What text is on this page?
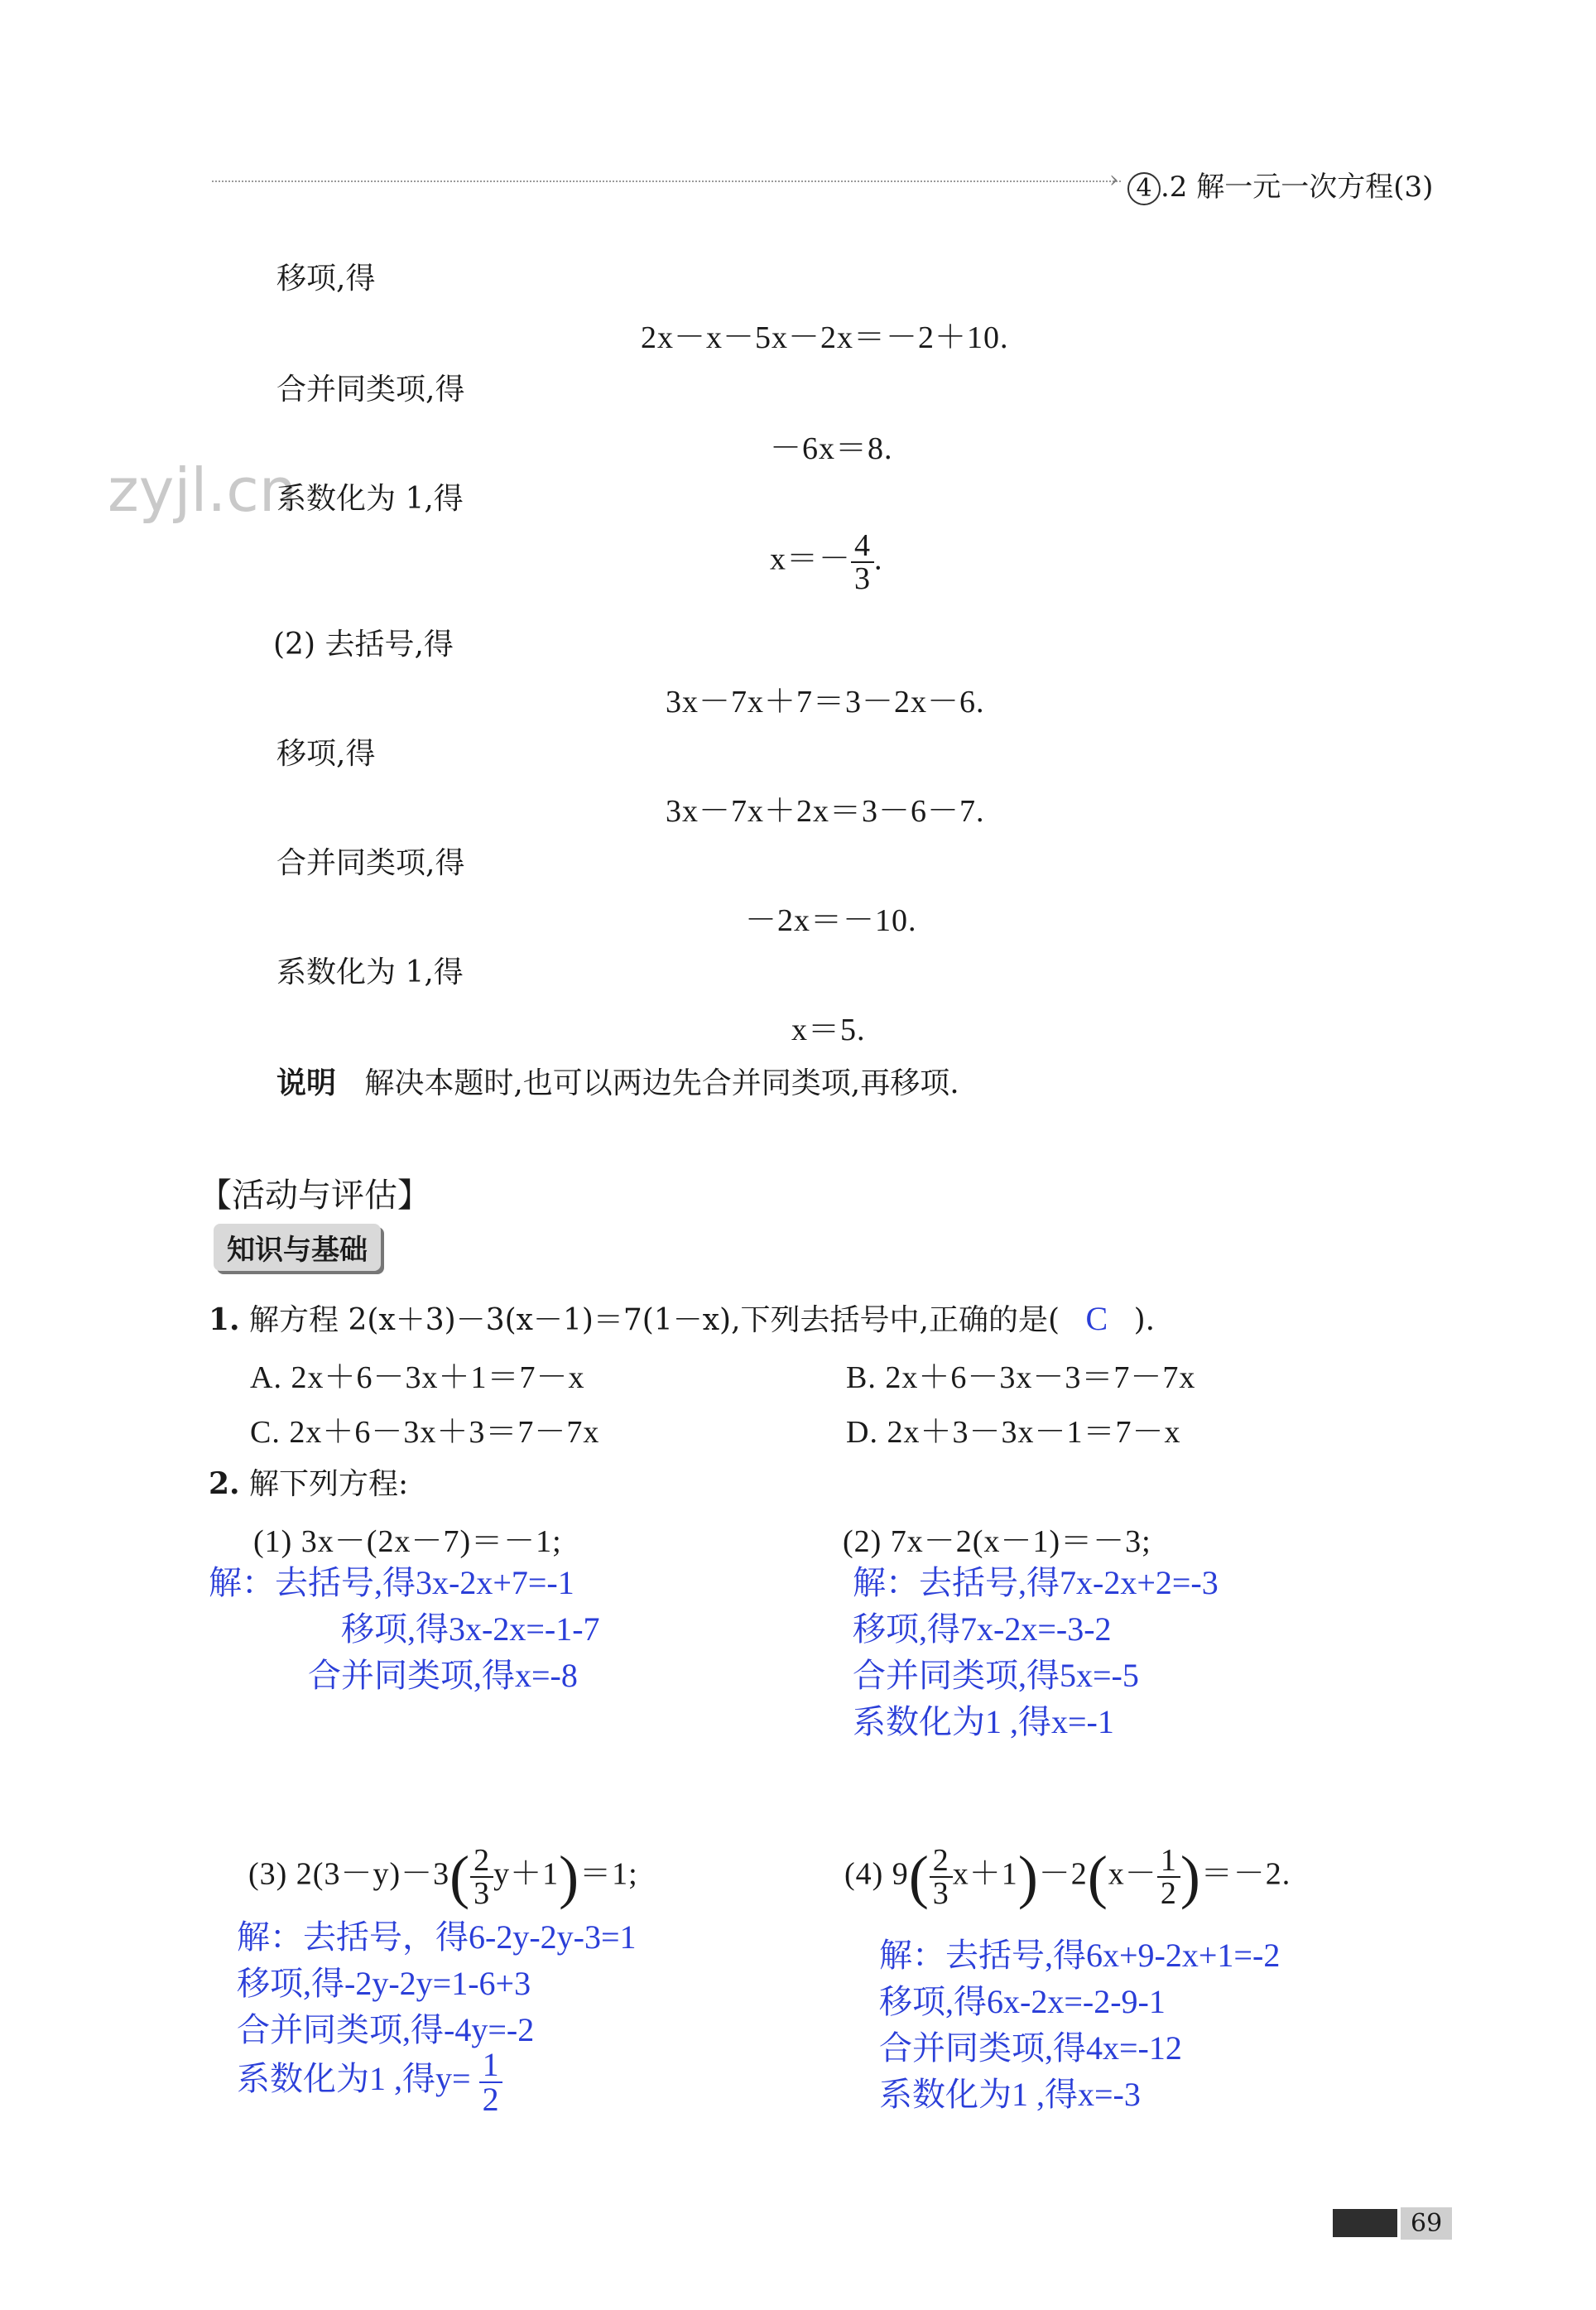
› 4 .2 解一元一次方程(3)
zyjl.cn
移项,得
2x－x－5x－2x＝－2＋10.
合并同类项,得
－6x＝8.
系数化为 1,得
$x=- \frac{4}{3}$ .
(2) 去括号,得
3x－7x＋7＝3－2x－6.
移项,得
3x－7x＋2x＝3－6－7.
合并同类项,得
－2x＝－10.
系数化为 1,得
x＝5.
说明 解决本题时,也可以两边先合并同类项,再移项.
【活动与评估】
知识与基础
1. 解方程 2(x＋3)－3(x－1)＝7(1－x),下列去括号中,正确的是( C ).
A. 2x＋6－3x＋1＝7－x	B. 2x＋6－3x－3＝7－7x
C. 2x＋6－3x＋3＝7－7x	D. 2x＋3－3x－1＝7－x
2. 解下列方程:
(1) 3x－(2x－7)＝－1;
解：去括号,得3x-2x+7=-1
移项,得3x-2x=-1-7
合并同类项,得x=-8
(2) 7x－2(x－1)＝－3;
解：去括号,得7x-2x+2=-3
移项,得7x-2x=-3-2
合并同类项,得5x=-5
系数化为1 ,得x=-1
(3) $2(3-y)-3( \frac{2}{3} y+1)=1$;
解：去括号，得6-2y-2y-3=1
移项,得-2y-2y=1-6+3
合并同类项,得-4y=-2
系数化为1 ,得$y= \frac{1}{2}$
(4) $9( \frac{2}{3} x+1)-2(x- \frac{1}{2} )=-2$.
解：去括号,得6x+9-2x+1=-2
移项,得6x-2x=-2-9-1
合并同类项,得4x=-12
系数化为1 ,得x=-3
69
